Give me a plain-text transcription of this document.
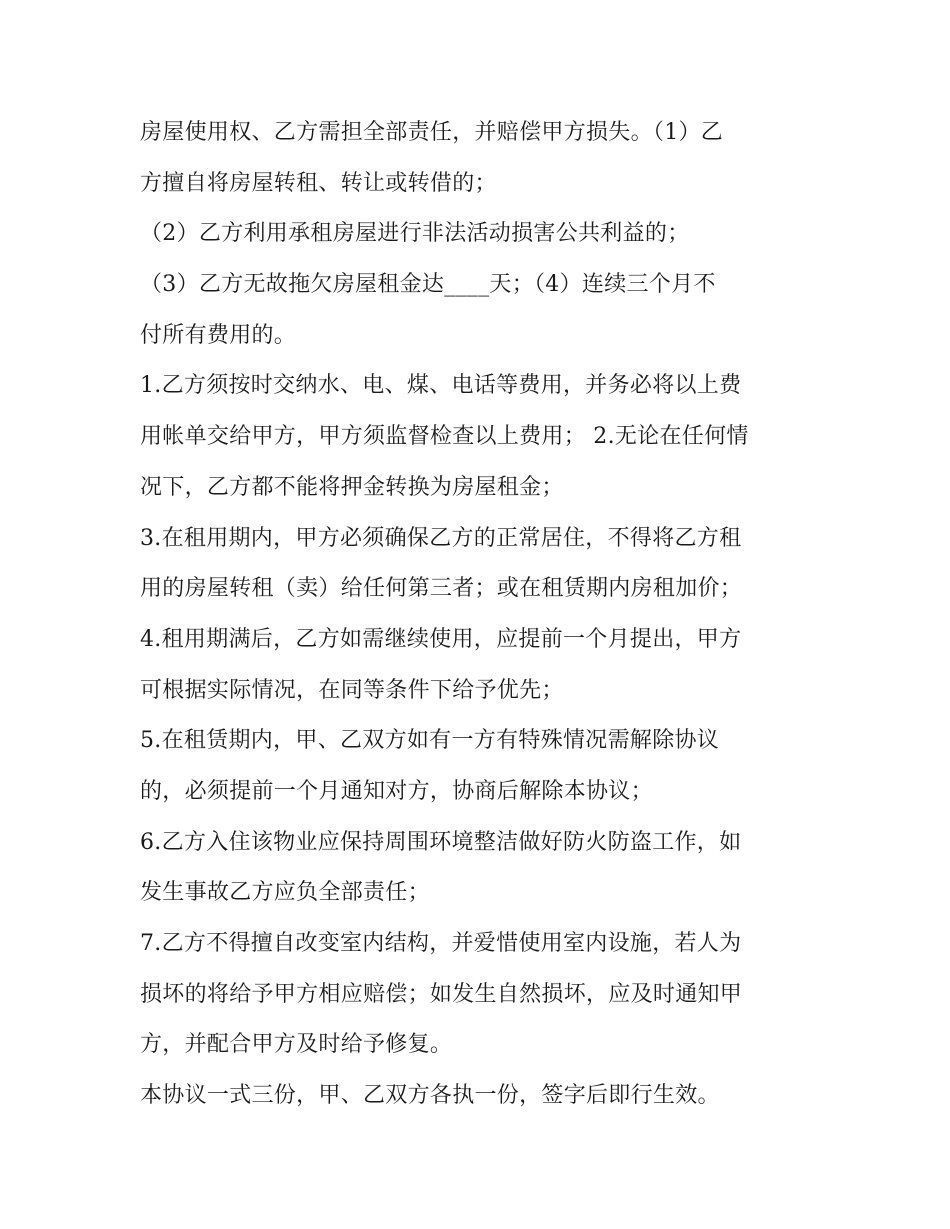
房屋使用权、乙方需担全部责任，并赔偿甲方损失。（1）乙
方擅自将房屋转租、转让或转借的；
（2）乙方利用承租房屋进行非法活动损害公共利益的；
（3）乙方无故拖欠房屋租金达____天；（4）连续三个月不
付所有费用的。
1.乙方须按时交纳水、电、煤、电话等费用，并务必将以上费
用帐单交给甲方，甲方须监督检查以上费用； 2.无论在任何情
况下，乙方都不能将押金转换为房屋租金；
3.在租用期内，甲方必须确保乙方的正常居住，不得将乙方租
用的房屋转租（卖）给任何第三者；或在租赁期内房租加价；
4.租用期满后，乙方如需继续使用，应提前一个月提出，甲方
可根据实际情况，在同等条件下给予优先；
5.在租赁期内，甲、乙双方如有一方有特殊情况需解除协议
的，必须提前一个月通知对方，协商后解除本协议；
6.乙方入住该物业应保持周围环境整洁做好防火防盗工作，如
发生事故乙方应负全部责任；
7.乙方不得擅自改变室内结构，并爱惜使用室内设施，若人为
损坏的将给予甲方相应赔偿；如发生自然损坏，应及时通知甲
方，并配合甲方及时给予修复。
本协议一式三份，甲、乙双方各执一份，签字后即行生效。
